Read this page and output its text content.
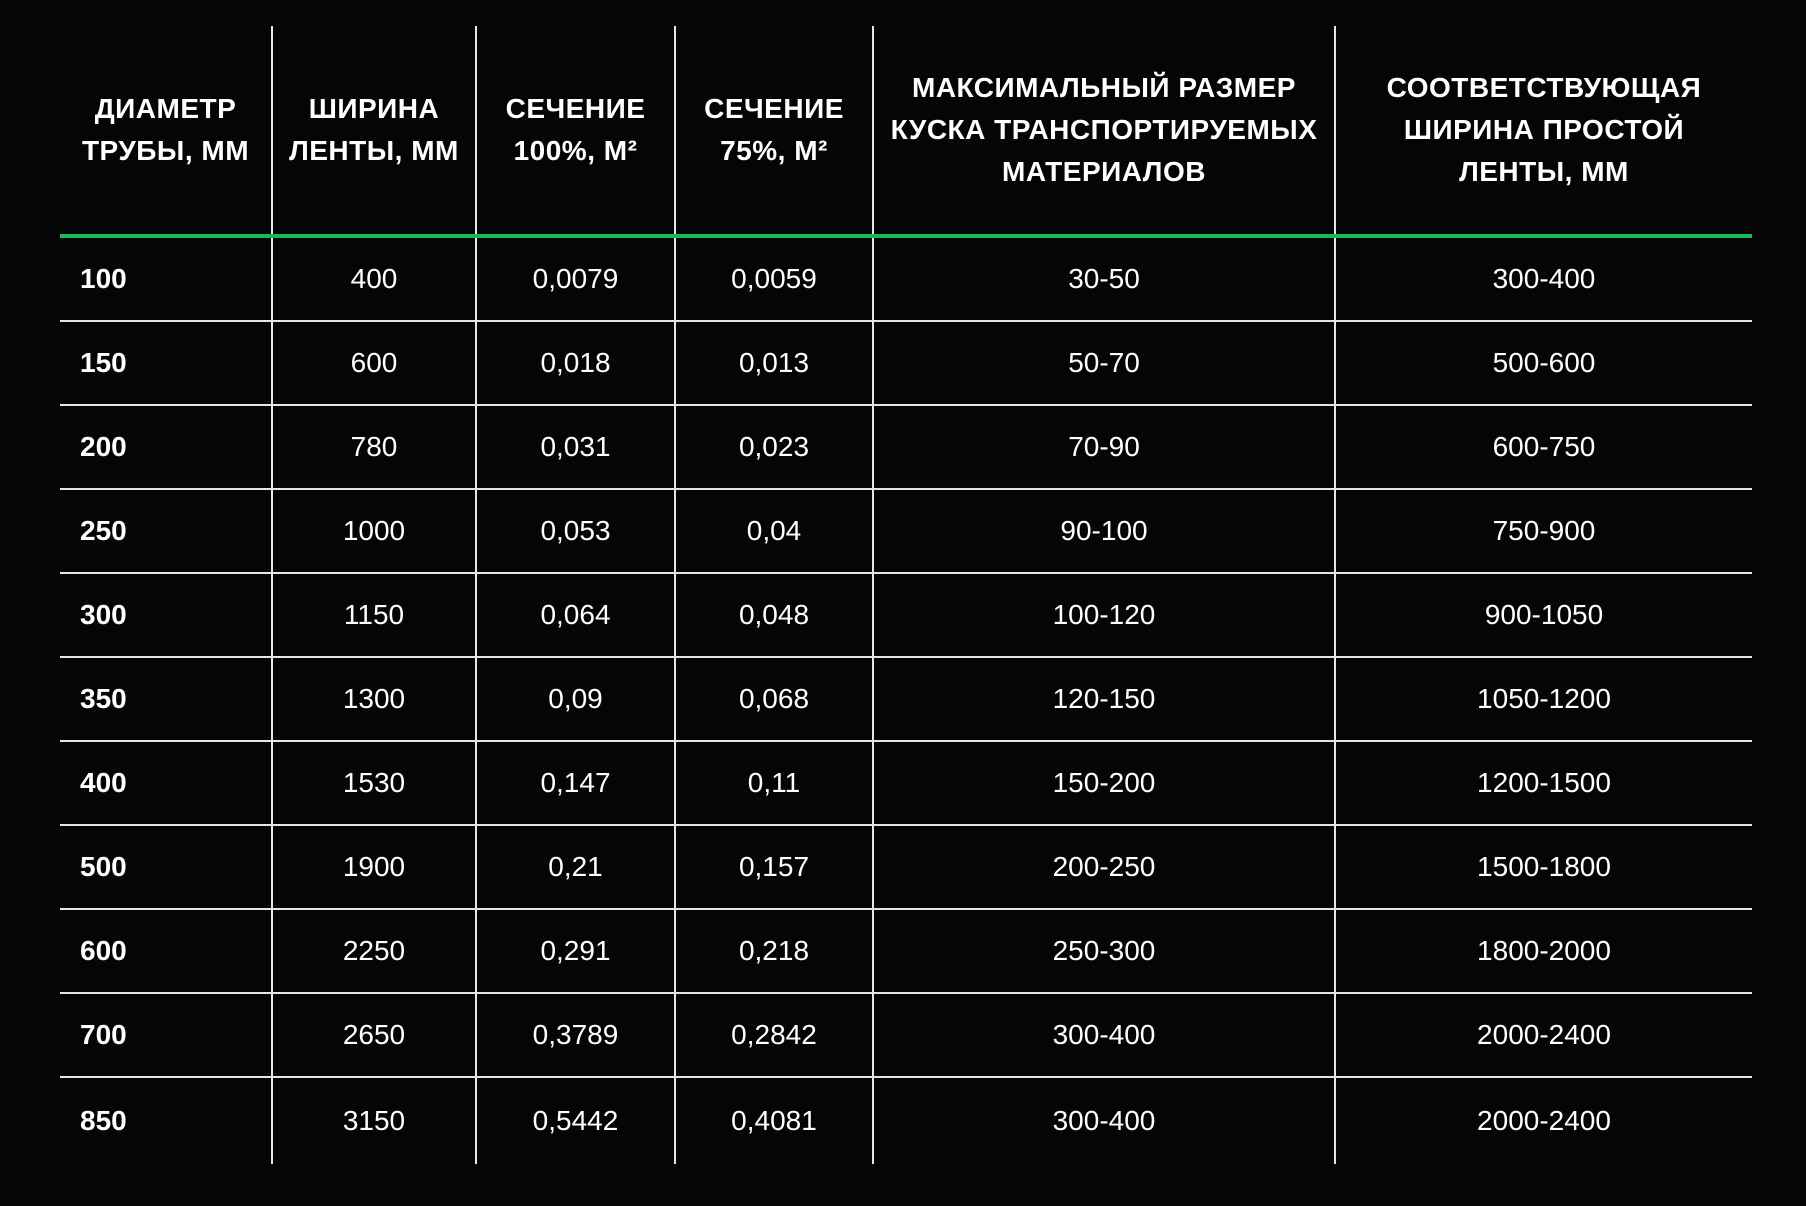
ДИАМЕТР ТРУБЫ, ММ	ШИРИНА ЛЕНТЫ, ММ	СЕЧЕНИЕ 100%, М²	СЕЧЕНИЕ 75%, М²	МАКСИМАЛЬНЫЙ РАЗМЕР КУСКА ТРАНСПОРТИРУЕМЫХ МАТЕРИАЛОВ	СООТВЕТСТВУЮЩАЯ ШИРИНА ПРОСТОЙ ЛЕНТЫ, ММ
100	400	0,0079	0,0059	30-50	300-400
150	600	0,018	0,013	50-70	500-600
200	780	0,031	0,023	70-90	600-750
250	1000	0,053	0,04	90-100	750-900
300	1150	0,064	0,048	100-120	900-1050
350	1300	0,09	0,068	120-150	1050-1200
400	1530	0,147	0,11	150-200	1200-1500
500	1900	0,21	0,157	200-250	1500-1800
600	2250	0,291	0,218	250-300	1800-2000
700	2650	0,3789	0,2842	300-400	2000-2400
850	3150	0,5442	0,4081	300-400	2000-2400
